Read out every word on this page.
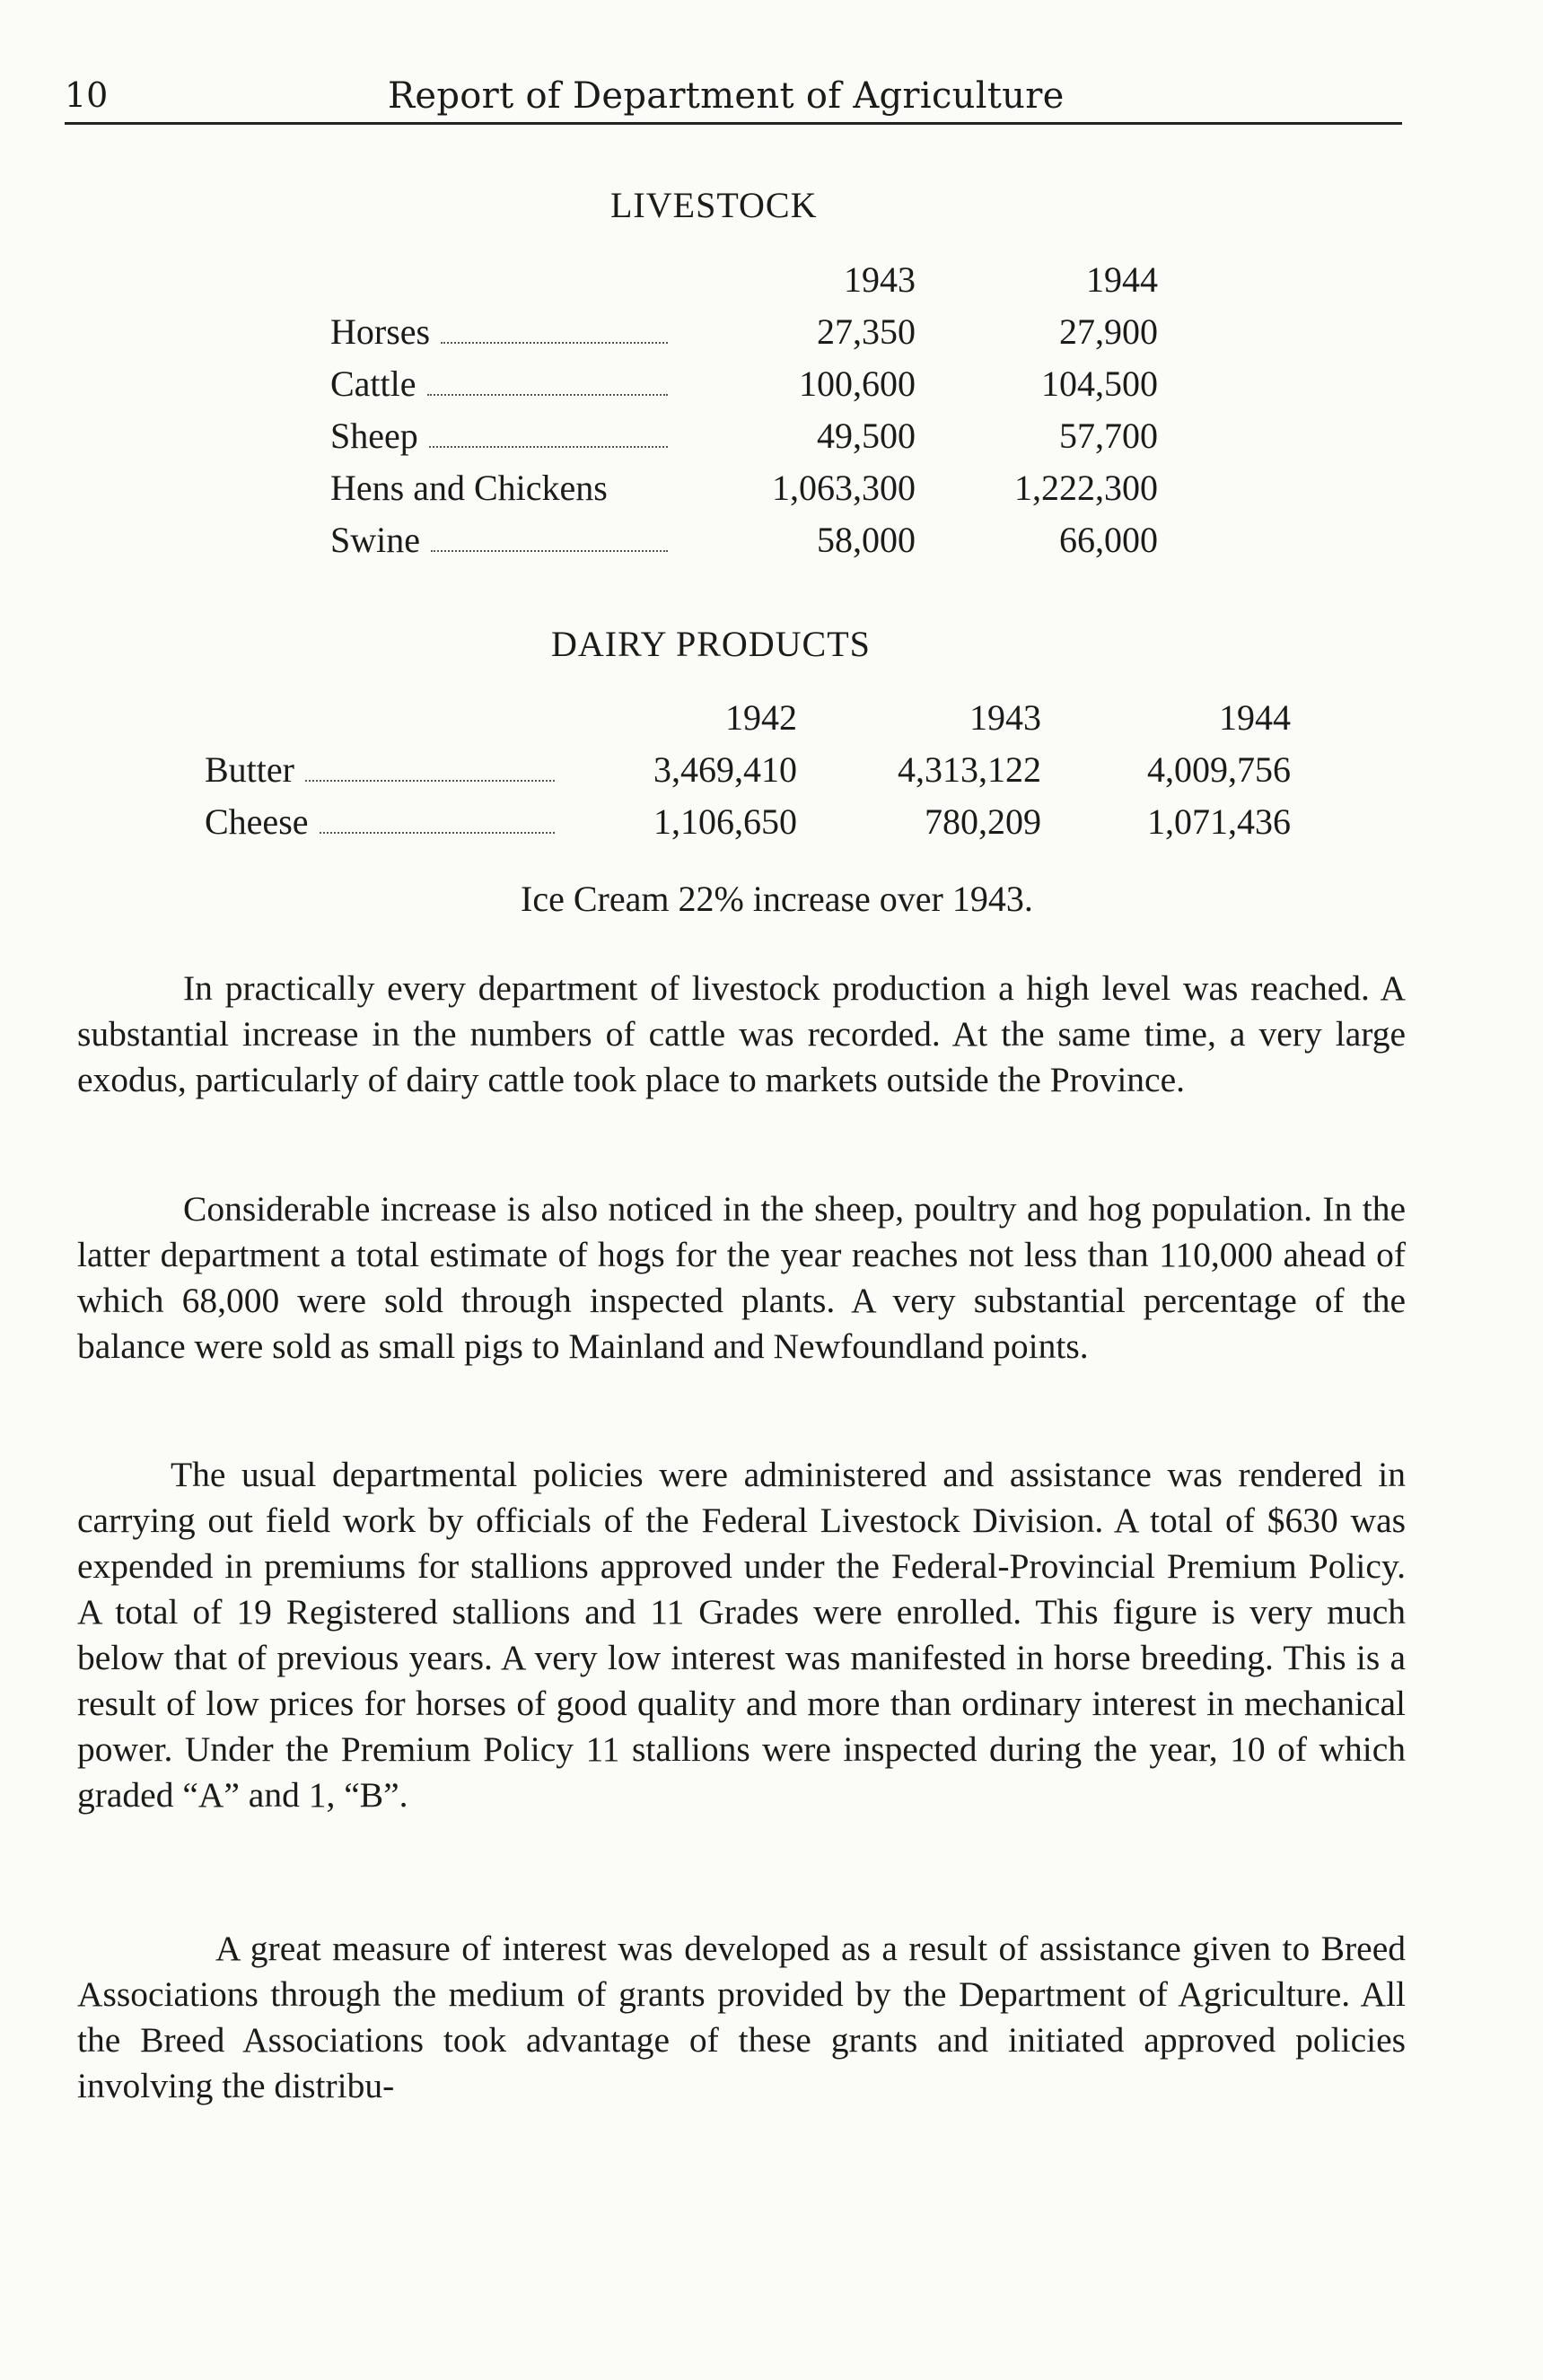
10	Report of Department of Agriculture
LIVESTOCK
	1943	1944

Horses	27,350	27,900

Cattle	100,600	104,500

Sheep	49,500	57,700
Hens and Chickens	1,063,300	1,222,300

Swine	58,000	66,000
DAIRY PRODUCTS
	1942	1943	1944

Butter	3,469,410	4,313,122	4,009,756

Cheese	1,106,650	780,209	1,071,436
Ice Cream 22% increase over 1943.

In practically every department of livestock production a high level was reached. A substantial increase in the numbers of cattle was recorded. At the same time, a very large exodus, particularly of dairy cattle took place to markets outside the Province.

Considerable increase is also noticed in the sheep, poultry and hog population. In the latter department a total estimate of hogs for the year reaches not less than 110,000 ahead of which 68,000 were sold through inspected plants. A very substantial percentage of the balance were sold as small pigs to Mainland and Newfoundland points.

The usual departmental policies were administered and assistance was rendered in carrying out field work by officials of the Federal Livestock Division. A total of $630 was expended in premiums for stallions approved under the Federal-Provincial Premium Policy. A total of 19 Registered stallions and 11 Grades were enrolled. This figure is very much below that of previous years. A very low interest was manifested in horse breeding. This is a result of low prices for horses of good quality and more than ordinary interest in mechanical power. Under the Premium Policy 11 stallions were inspected during the year, 10 of which graded “A” and 1, “B”.

A great measure of interest was developed as a result of assistance given to Breed Associations through the medium of grants provided by the Department of Agriculture. All the Breed Associations took advantage of these grants and initiated approved policies involving the distribu-
